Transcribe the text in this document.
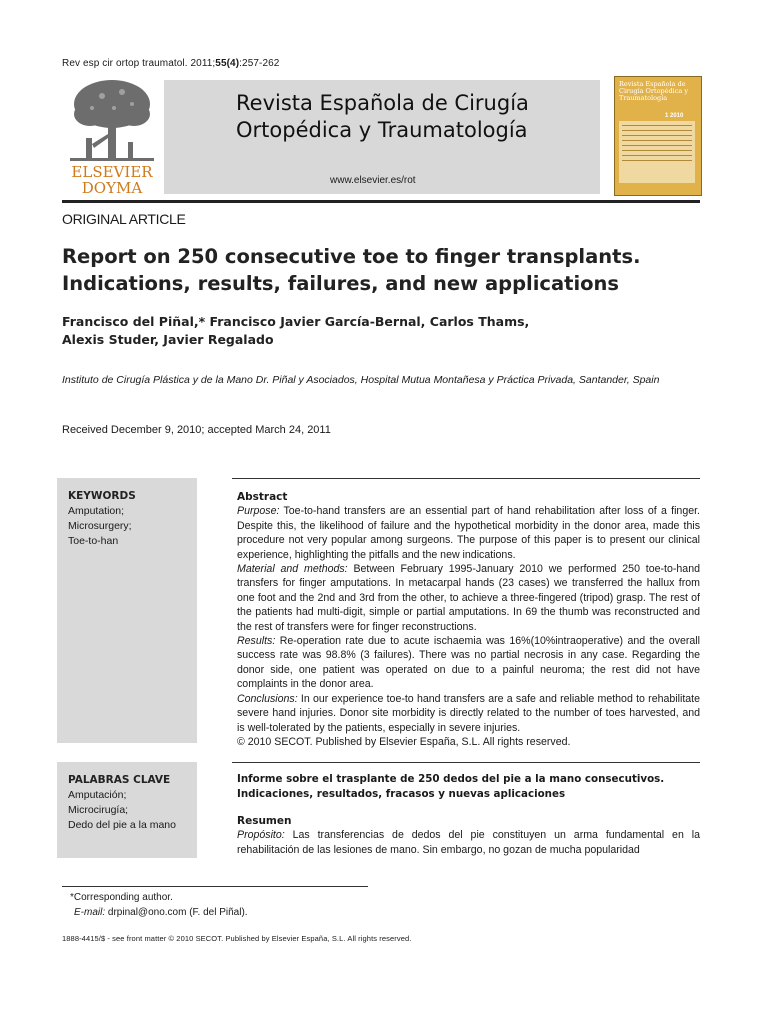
Rev esp cir ortop traumatol. 2011;55(4):257-262
ELSEVIER
DOYMA
Revista Española de Cirugía
Ortopédica y Traumatología
www.elsevier.es/rot
Revista Española de Cirugía Ortopédica y Traumatología
1 2010
ORIGINAL ARTICLE
Report on 250 consecutive toe to finger transplants. Indications, results, failures, and new applications
Francisco del Piñal,* Francisco Javier García-Bernal, Carlos Thams,
Alexis Studer, Javier Regalado
Instituto de Cirugía Plástica y de la Mano Dr. Piñal y Asociados, Hospital Mutua Montañesa y Práctica Privada, Santander, Spain
Received December 9, 2010; accepted March 24, 2011
KEYWORDS
Amputation;
Microsurgery;
Toe-to-han
Abstract

Purpose: Toe-to-hand transfers are an essential part of hand rehabilitation after loss of a finger. Despite this, the likelihood of failure and the hypothetical morbidity in the donor area, made this procedure not very popular among surgeons. The purpose of this paper is to present our clinical experience, highlighting the pitfalls and the new indications.

Material and methods: Between February 1995-January 2010 we performed 250 toe-to-hand transfers for finger amputations. In metacarpal hands (23 cases) we transferred the hallux from one foot and the 2nd and 3rd from the other, to achieve a three-fingered (tripod) grasp. The rest of the patients had multi-digit, simple or partial amputations. In 69 the thumb was reconstructed and the rest of transfers were for finger reconstructions.

Results: Re-operation rate due to acute ischaemia was 16%(10%intraoperative) and the overall success rate was 98.8% (3 failures). There was no partial necrosis in any case. Regarding the donor side, one patient was operated on due to a painful neuroma; the rest did not have complaints in the donor area.

Conclusions: In our experience toe-to hand transfers are a safe and reliable method to rehabilitate severe hand injuries. Donor site morbidity is directly related to the number of toes harvested, and is well-tolerated by the patients, especially in severe injuries.

© 2010 SECOT. Published by Elsevier España, S.L. All rights reserved.

PALABRAS CLAVE
Amputación;
Microcirugía;
Dedo del pie a la mano
Informe sobre el trasplante de 250 dedos del pie a la mano consecutivos.
Indicaciones, resultados, fracasos y nuevas aplicaciones
Resumen

Propósito: Las transferencias de dedos del pie constituyen un arma fundamental en la rehabilitación de las lesiones de mano. Sin embargo, no gozan de mucha popularidad

*Corresponding author.
E-mail: drpinal@ono.com (F. del Piñal).
1888-4415/$ - see front matter © 2010 SECOT. Published by Elsevier España, S.L. All rights reserved.
